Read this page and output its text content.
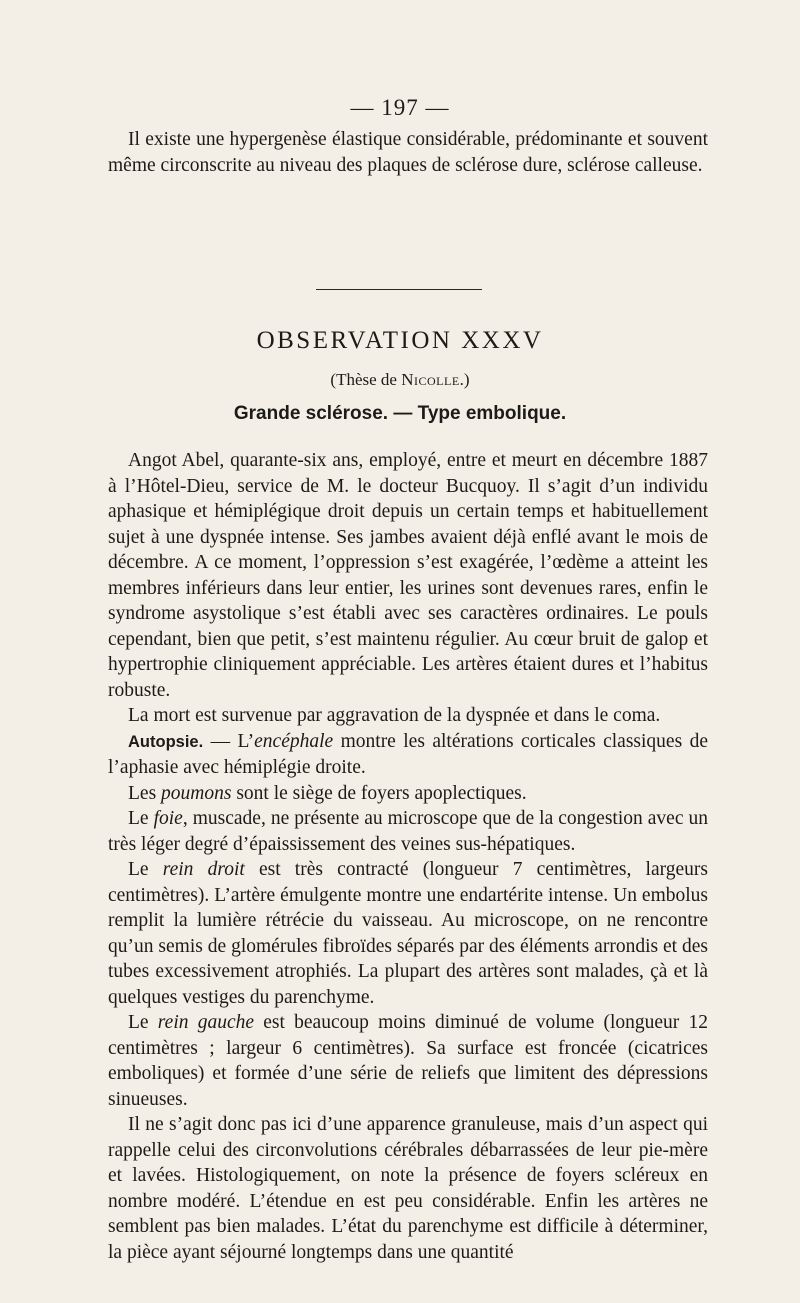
— 197 —

Il existe une hypergenèse élastique considérable, prédominante et souvent même circonscrite au niveau des plaques de sclérose dure, sclérose calleuse.

OBSERVATION XXXV
(Thèse de Nicolle.)
Grande sclérose. — Type embolique.

Angot Abel, quarante-six ans, employé, entre et meurt en décembre 1887 à l’Hôtel-Dieu, service de M. le docteur Bucquoy. Il s’agit d’un individu aphasique et hémiplégique droit depuis un certain temps et habituellement sujet à une dyspnée intense. Ses jambes avaient déjà enflé avant le mois de décembre. A ce moment, l’oppression s’est exagérée, l’œdème a atteint les membres inférieurs dans leur entier, les urines sont devenues rares, enfin le syndrome asystolique s’est établi avec ses caractères ordinaires. Le pouls cependant, bien que petit, s’est maintenu régulier. Au cœur bruit de galop et hypertrophie cliniquement appréciable. Les artères étaient dures et l’habitus robuste.

La mort est survenue par aggravation de la dyspnée et dans le coma.

Autopsie. — L’encéphale montre les altérations corticales classiques de l’aphasie avec hémiplégie droite.

Les poumons sont le siège de foyers apoplectiques.

Le foie, muscade, ne présente au microscope que de la congestion avec un très léger degré d’épaississement des veines sus-hépatiques.

Le rein droit est très contracté (longueur 7 centimètres, largeurs centimètres). L’artère émulgente montre une endartérite intense. Un embolus remplit la lumière rétrécie du vaisseau. Au microscope, on ne rencontre qu’un semis de glomérules fibroïdes séparés par des éléments arrondis et des tubes excessivement atrophiés. La plupart des artères sont malades, çà et là quelques vestiges du parenchyme.

Le rein gauche est beaucoup moins diminué de volume (longueur 12 centimètres ; largeur 6 centimètres). Sa surface est froncée (cicatrices emboliques) et formée d’une série de reliefs que limitent des dépressions sinueuses.

Il ne s’agit donc pas ici d’une apparence granuleuse, mais d’un aspect qui rappelle celui des circonvolutions cérébrales débarrassées de leur pie-mère et lavées. Histologiquement, on note la présence de foyers scléreux en nombre modéré. L’étendue en est peu considérable. Enfin les artères ne semblent pas bien malades. L’état du parenchyme est difficile à déterminer, la pièce ayant séjourné longtemps dans une quantité
